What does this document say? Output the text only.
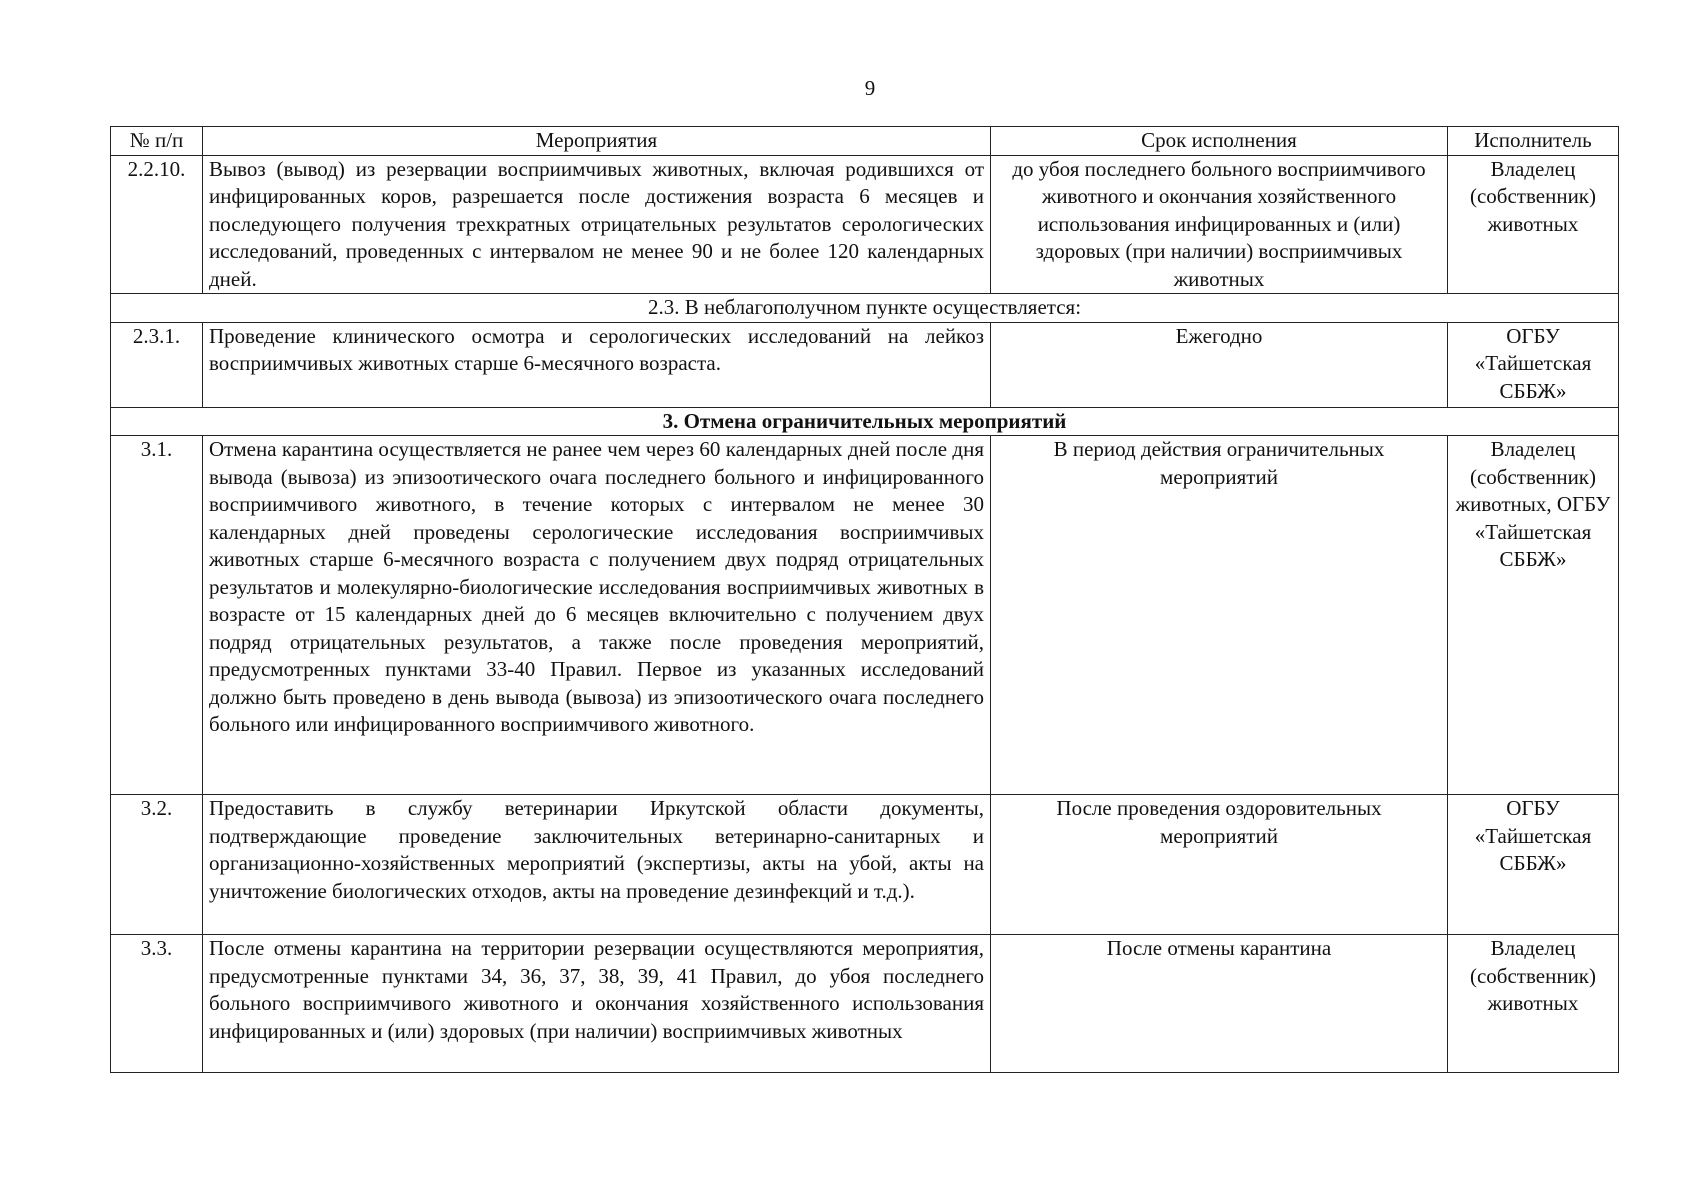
9
№ п/п	Мероприятия	Срок исполнения	Исполнитель
2.2.10.	Вывоз (вывод) из резервации восприимчивых животных, включая родившихся от инфицированных коров, разрешается после достижения возраста 6 месяцев и последующего получения трехкратных отрицательных результатов серологических исследований, проведенных с интервалом не менее 90 и не более 120 календарных дней.	до убоя последнего больного восприимчивого животного и окончания хозяйственного использования инфицированных и (или) здоровых (при наличии) восприимчивых животных	Владелец (собственник) животных
2.3. В неблагополучном пункте осуществляется:			
2.3.1.	Проведение клинического осмотра и серологических исследований на лейкоз восприимчивых животных старше 6-месячного возраста.	Ежегодно	ОГБУ «Тайшетская СББЖ»
3. Отмена ограничительных мероприятий			
3.1.	Отмена карантина осуществляется не ранее чем через 60 календарных дней после дня вывода (вывоза) из эпизоотического очага последнего больного и инфицированного восприимчивого животного, в течение которых с интервалом не менее 30 календарных дней проведены серологические исследования восприимчивых животных старше 6-месячного возраста с получением двух подряд отрицательных результатов и молекулярно-биологические исследования восприимчивых животных в возрасте от 15 календарных дней до 6 месяцев включительно с получением двух подряд отрицательных результатов, а также после проведения мероприятий, предусмотренных пунктами 33-40 Правил. Первое из указанных исследований должно быть проведено в день вывода (вывоза) из эпизоотического очага последнего больного или инфицированного восприимчивого животного.	В период действия ограничительных мероприятий	Владелец (собственник) животных, ОГБУ «Тайшетская СББЖ»
3.2.	Предоставить в службу ветеринарии Иркутской области документы, подтверждающие проведение заключительных ветеринарно-санитарных и организационно-хозяйственных мероприятий (экспертизы, акты на убой, акты на уничтожение биологических отходов, акты на проведение дезинфекций и т.д.).	После проведения оздоровительных мероприятий	ОГБУ «Тайшетская СББЖ»
3.3.	После отмены карантина на территории резервации осуществляются мероприятия, предусмотренные пунктами 34, 36, 37, 38, 39, 41 Правил, до убоя последнего больного восприимчивого животного и окончания хозяйственного использования инфицированных и (или) здоровых (при наличии) восприимчивых животных	После отмены карантина	Владелец (собственник) животных
